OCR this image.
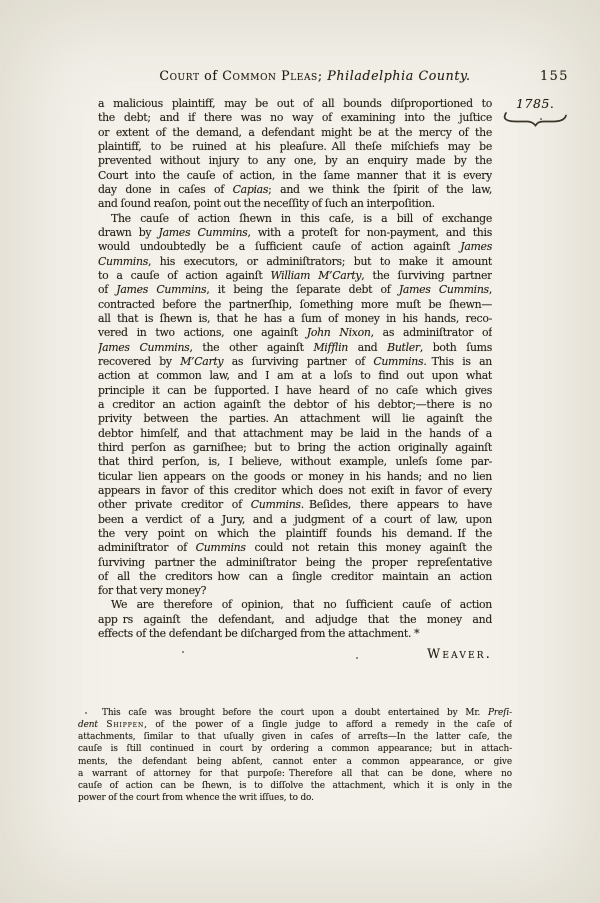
Court of Common Pleas; Philadelphia County.	155
1785.
a malicious plaintiff, may be out of all bounds diſproportioned to
the debt; and if there was no way of examining into the juſtice
or extent of the demand, a defendant might be at the mercy of the
plaintiff, to be ruined at his pleaſure. All theſe miſchiefs may be
prevented without injury to any one, by an enquiry made by the
Court into the cauſe of action, in the ſame manner that it is every
day done in caſes of Capias; and we think the ſpirit of the law,
and ſound reaſon, point out the neceſſity of ſuch an interpoſition.
The cauſe of action ſhewn in this caſe, is a bill of exchange
drawn by James Cummins, with a proteſt for non-payment, and this
would undoubtedly be a ſufficient cauſe of action againſt James
Cummins, his executors, or adminiſtrators; but to make it amount
to a cauſe of action againſt William M’Carty, the ſurviving partner
of James Cummins, it being the ſeparate debt of James Cummins,
contracted before the partnerſhip, ſomething more muſt be ſhewn—
all that is ſhewn is, that he has a ſum of money in his hands, reco-
vered in two actions, one againſt John Nixon, as adminiſtrator of
James Cummins, the other againſt Mifflin and Butler, both ſums
recovered by M’Carty as ſurviving partner of Cummins. This is an
action at common law, and I am at a loſs to find out upon what
principle it can be ſupported. I have heard of no caſe which gives
a creditor an action againſt the debtor of his debtor;—there is no
privity between the parties. An attachment will lie againſt the
debtor himſelf, and that attachment may be laid in the hands of a
third perſon as garniſhee; but to bring the action originally againſt
that third perſon, is, I believe, without example, unleſs ſome par-
ticular lien appears on the goods or money in his hands; and no lien
appears in favor of this creditor which does not exiſt in favor of every
other private creditor of Cummins. Beſides, there appears to have
been a verdict of a Jury, and a judgment of a court of law, upon
the very point on which the plaintiff founds his demand. If the
adminiſtrator of Cummins could not retain this money againſt the
ſurviving partner the adminiſtrator being the proper repreſentative
of all the creditors how can a ſingle creditor maintain an action
for that very money?
We are therefore of opinion, that no ſufficient cauſe of action
app rs againſt the defendant, and adjudge that the money and
effects of the defendant be diſcharged from the attachment. *
Weaver.
This caſe was brought before the court upon a doubt entertained by Mr. Preſi-
dent Shippen, of the power of a ſingle judge to afford a remedy in the caſe of
attachments, ſimilar to that uſually given in caſes of arreſts—In the latter caſe, the
cauſe is ſtill continued in court by ordering a common appearance; but in attach-
ments, the defendant being abſent, cannot enter a common appearance, or give
a warrant of attorney for that purpoſe: Therefore all that can be done, where no
cauſe of action can be ſhewn, is to diſſolve the attachment, which it is only in the
power of the court from whence the writ iſſues, to do.
